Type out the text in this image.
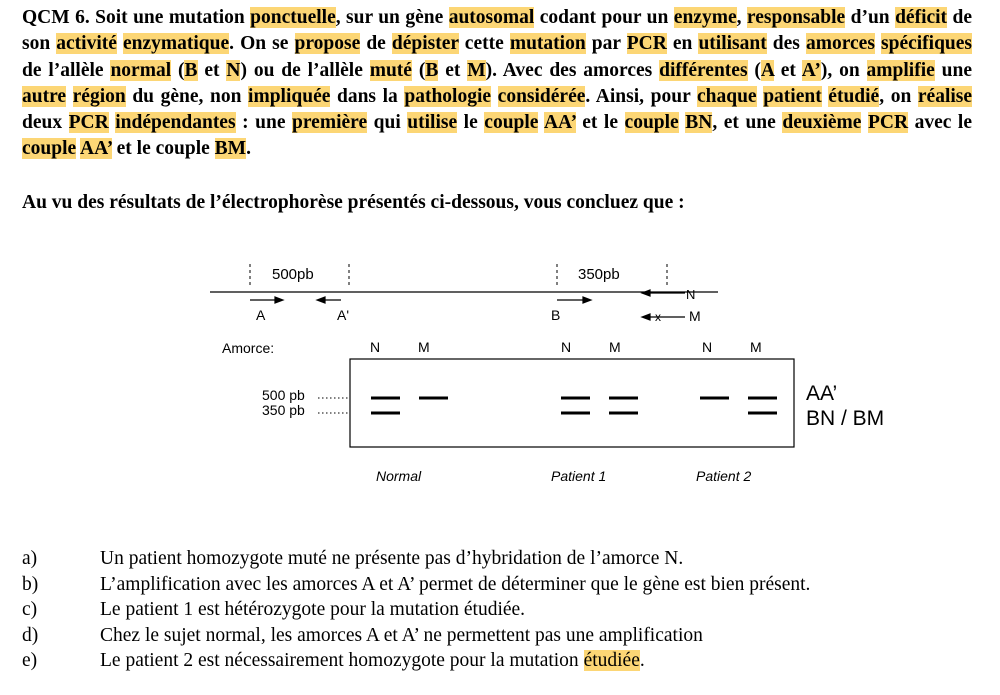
QCM 6. Soit une mutation ponctuelle, sur un gène autosomal codant pour un enzyme, responsable d’un déficit de son activité enzymatique. On se propose de dépister cette mutation par PCR en utilisant des amorces spécifiques de l’allèle normal (B et N) ou de l’allèle muté (B et M). Avec des amorces différentes (A et A’), on amplifie une autre région du gène, non impliquée dans la pathologie considérée. Ainsi, pour chaque patient étudié, on réalise deux PCR indépendantes : une première qui utilise le couple AA’ et le couple BN, et une deuxième PCR avec le couple AA’ et le couple BM.

Au vu des résultats de l’électrophorèse présentés ci-dessous, vous concluez que :
500pb	350pb
A	A'	B
N
M
x
Amorce:	N	M	N	M	N	M
500 pb
350 pb
AA’
BN / BM
Normal	Patient 1	Patient 2
a)	Un patient homozygote muté ne présente pas d’hybridation de l’amorce N.
b)	L’amplification avec les amorces A et A’ permet de déterminer que le gène est bien présent.
c)	Le patient 1 est hétérozygote pour la mutation étudiée.
d)	Chez le sujet normal, les amorces A et A’ ne permettent pas une amplification
e)	Le patient 2 est nécessairement homozygote pour la mutation étudiée.
